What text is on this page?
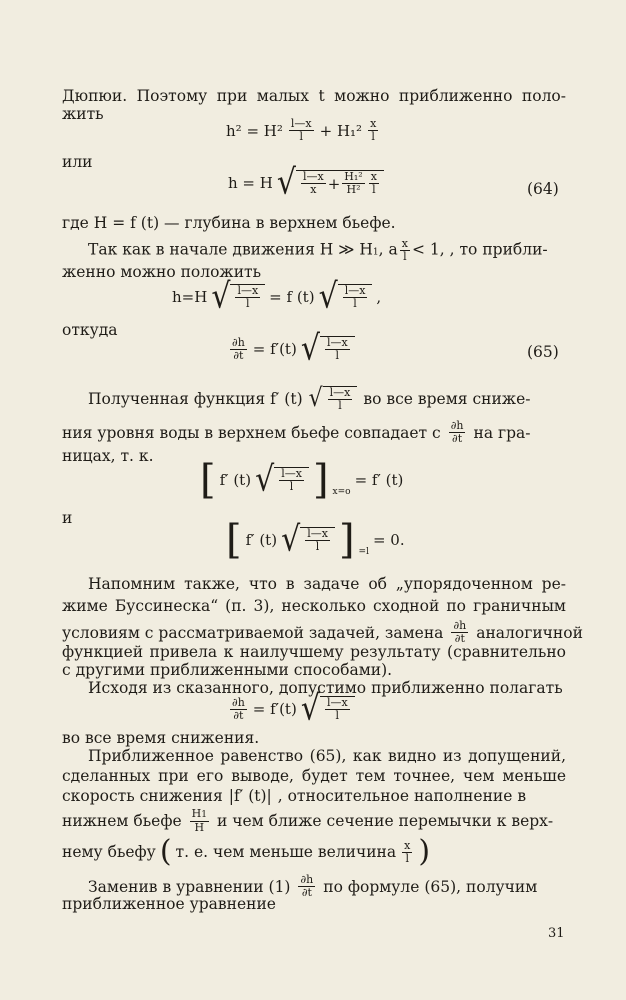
Дюпюи. Поэтому при малых t можно приближенно поло-
жить
$h^2 = H^2 \frac{l—x}{l} + H_1^2 \frac{x}{l}$
или
h = H √ $\frac{l—x}{x} + \frac{\text{H₁²}}{\text{H²}} \frac{x}{l}$	(64)
где H = f (t) — глубина в верхнем бьефе.
Так как в начале движения H ≫ H1, a $\frac{x}{l} < 1$, , то прибли-
женно можно положить
h=H √ $\frac{l—x}{l} = f$ (t) √ $\frac{l—x}{l}$ ,
откуда
$\frac{\partial h}{\partial t} = f'(t)$ √ $\frac{l—x}{l}$	(65)
Полученная функция f′ (t) √ $\frac{l—x}{l}$ во все время сниже-
ния уровня воды в верхнем бьефе совпадает с $\frac{\partial h}{\partial t}$ на гра-
ницах, т. к.
[ f′ (t) √ $\frac{l—x}{l}$ ] x=o
= f′ (t)
и	[ f′ (t) √ $\frac{l—x}{l}$ ] =l
= 0.
Напомним также, что в задаче об „упорядоченном ре-
жиме Буссинеска“ (п. 3), несколько сходной по граничным
условиям с рассматриваемой задачей, замена $\frac{\partial h}{\partial t}$ аналогичной
функцией привела к наилучшему результату (сравнительно
с другими приближенными способами).
Исходя из сказанного, допустимо приближенно полагать
$\frac{\partial h}{\partial t} = f'(t)$ √ $\frac{l—x}{l}$
во все время снижения.
Приближенное равенство (65), как видно из допущений,
сделанных при его выводе, будет тем точнее, чем меньше
скорость снижения |f′ (t)| , относительное наполнение в
нижнем бьефе $\frac{H1}{H}$ и чем ближе сечение перемычки к верх-
нему бьефу ( т. е. чем меньше величина $\frac{x}{l}$ )
Заменив в уравнении $(1) \frac{\partial h}{\partial t}$ по формуле (65), получим
приближенное уравнение
31
